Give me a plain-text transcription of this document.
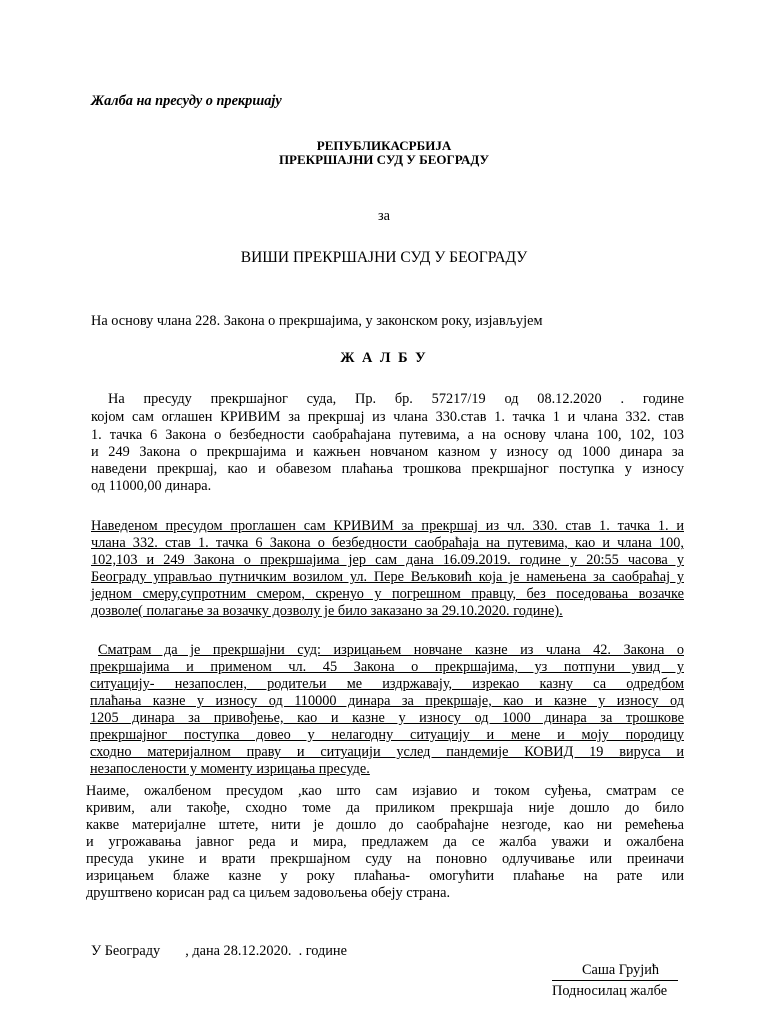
Жалба на пресуду о прекршају
РЕПУБЛИКАСРБИЈА
ПРЕКРШАЈНИ СУД У БЕОГРАДУ
за
ВИШИ ПРЕКРШАЈНИ СУД У БЕОГРАДУ
На основу члана 228. Закона о прекршајима, у законском року, изјављујем
Ж А Л Б У
На пресуду прекршајног суда, Пр. бр. 57217/19 од 08.12.2020 . године
којом сам оглашен КРИВИМ за прекршај из члана 330.став 1. тачка 1 и члана 332. став
1. тачка 6 Закона о безбедности саобраћајана путевима, а на основу члана 100, 102, 103
и 249 Закона о прекршајима и кажњен новчаном казном у износу од 1000 динара за
наведени прекршај, као и обавезом плаћања трошкова прекршајног поступка у износу
од 11000,00 динара.
Наведеном пресудом проглашен сам КРИВИМ за прекршај из чл. 330. став 1. тачка 1. и
члана 332. став 1. тачка 6 Закона о безбедности саобраћаја на путевима, као и члана 100,
102,103 и 249 Закона о прекршајима јер сам дана 16.09.2019. године у 20:55 часова у
Београду управљао путничким возилом ул. Пере Вељковић која је намењена за саобраћај у
једном смеру,супротним смером, скренуо у погрешном правцу, без поседовања возачке
дозволе( полагање за возачку дозволу је било заказано за 29.10.2020. године).
Сматрам да је прекршајни суд: изрицањем новчане казне из члана 42. Закона о
прекршајима и применом чл. 45 Закона о прекршајима, уз потпуни увид у
ситуацију- незапослен, родитељи ме издржавају, изрекао казну са одредбом
плаћања казне у износу од 110000 динара за прекршаје, као и казне у износу од
1205 динара за привођење, као и казне у износу од 1000 динара за трошкове
прекршајног поступка довео у нелагодну ситуацију и мене и моју породицу
сходно материјалном праву и ситуацији услед пандемије КОВИД 19 вируса и
незапослености у моменту изрицања пресуде.
Наиме, ожалбеном пресудом ,као што сам изјавио и током суђења, сматрам се
кривим, али такође, сходно томе да приликом прекршаја није дошло до било
какве материјалне штете, нити је дошло до саобраћајне незгоде, као ни ремећења
и угрожавања јавног реда и мира, предлажем да се жалба уважи и ожалбена
пресуда укине и врати прекршајном суду на поновно одлучивање или преиначи
изрицањем блаже казне у року плаћања- омогућити плаћање на рате или
друштвено корисан рад са циљем задовољења обеју страна.
У Београду       , дана 28.12.2020.  . године
Саша Грујић
Подносилац жалбе
